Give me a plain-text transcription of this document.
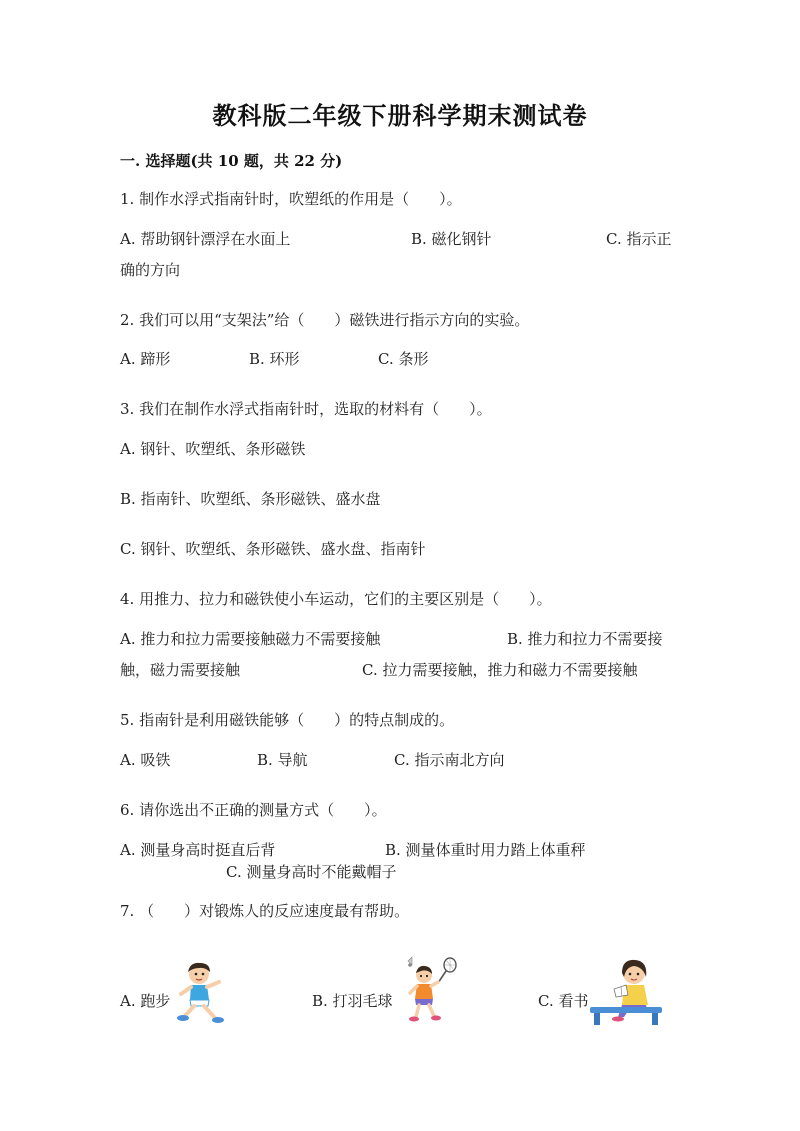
教科版二年级下册科学期末测试卷
一. 选择题(共 10 题，共 22 分)
1. 制作水浮式指南针时，吹塑纸的作用是（　　）。
A. 帮助钢针漂浮在水面上	B. 磁化钢针	C. 指示正
确的方向
2. 我们可以用“支架法”给（　　）磁铁进行指示方向的实验。
A. 蹄形	B. 环形	C. 条形
3. 我们在制作水浮式指南针时，选取的材料有（　　）。
A. 钢针、吹塑纸、条形磁铁
B. 指南针、吹塑纸、条形磁铁、盛水盘
C. 钢针、吹塑纸、条形磁铁、盛水盘、指南针
4. 用推力、拉力和磁铁使小车运动，它们的主要区别是（　　）。
A. 推力和拉力需要接触磁力不需要接触	B. 推力和拉力不需要接
触，磁力需要接触	C. 拉力需要接触，推力和磁力不需要接触
5. 指南针是利用磁铁能够（　　）的特点制成的。
A. 吸铁	B. 导航	C. 指示南北方向
6. 请你选出不正确的测量方式（　　）。
A. 测量身高时挺直后背	B. 测量体重时用力踏上体重秤
C. 测量身高时不能戴帽子
7. （　　）对锻炼人的反应速度最有帮助。
A. 跑步	B. 打羽毛球	C. 看书
